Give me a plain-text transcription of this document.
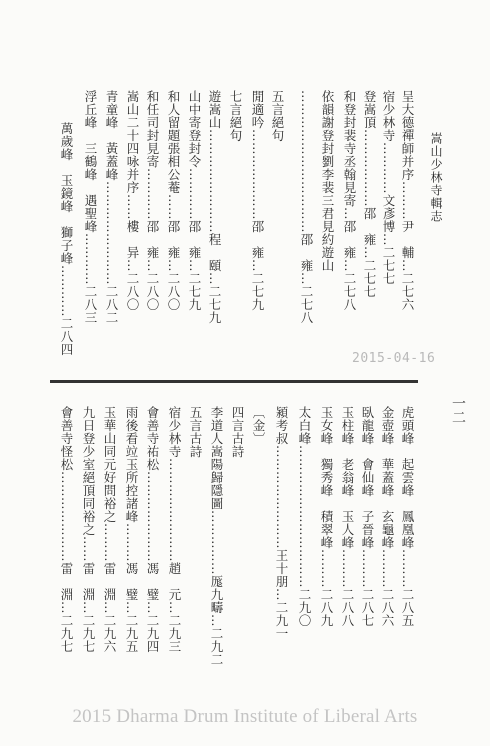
嵩山少林寺輯志
一二
呈大德禪師并序………尹　輔…二七六
宿少林寺…………文彥博…二七七
登嵩頂………………邵　雍…二七七
和登封裴寺丞翰見寄…邵　雍…二七八
依韻謝登封劉李裴三君見約遊山
……………………………邵　雍…二七八
五言絕句
閒適吟…………………邵　雍…二七九
七言絕句
遊嵩山……………………程　頤…二七九
山中寄登封令…………邵　雍…二七九
和人留題張相公菴……邵　雍…二八〇
和任司封見寄…………邵　雍…二八〇
嵩山二十四咏并序……樓　异…二八〇
青童峰　黃蓋峰……………………二八二
浮丘峰　三鶴峰　遇聖峰…………二八三
萬歲峰　玉鏡峰　獅子峰…………二八四
2015-04-16
虎頭峰　起雲峰　鳳凰峰………二八五
金壺峰　華蓋峰　玄龜峰………二八六
臥龍峰　會仙峰　子晉峰………二八七
玉柱峰　老翁峰　玉人峰………二八八
玉女峰　獨秀峰　積翠峰………二八九
太白峰……………………………二九〇
潁考叔……………………王十朋…二九一
〔金〕
四言古詩
李道人嵩陽歸隱圖……………厖九疇…二九二
五言古詩
宿少林寺……………………趙　元…二九三
會善寺祐松…………………馮　璧…二九四
雨後看竝玉所控諸峰………馮　璧…二九五
玉華山同元好問裕之………雷　淵…二九六
九日登少室絕頂同裕之……雷　淵…二九七
會善寺怪松…………………雷　淵…二九七
2015 Dharma Drum Institute of Liberal Arts
